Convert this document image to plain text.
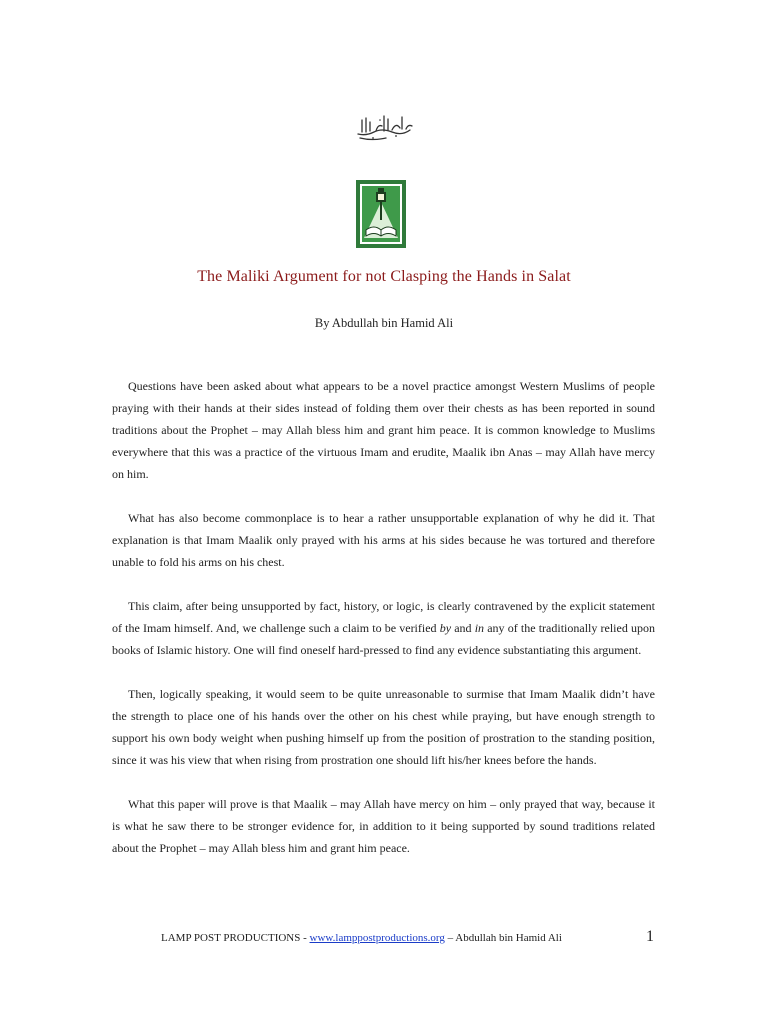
The Maliki Argument for not Clasping the Hands in Salat
By Abdullah bin Hamid Ali

Questions have been asked about what appears to be a novel practice amongst Western Muslims of people praying with their hands at their sides instead of folding them over their chests as has been reported in sound traditions about the Prophet – may Allah bless him and grant him peace. It is common knowledge to Muslims everywhere that this was a practice of the virtuous Imam and erudite, Maalik ibn Anas – may Allah have mercy on him.

What has also become commonplace is to hear a rather unsupportable explanation of why he did it. That explanation is that Imam Maalik only prayed with his arms at his sides because he was tortured and therefore unable to fold his arms on his chest.

This claim, after being unsupported by fact, history, or logic, is clearly contravened by the explicit statement of the Imam himself. And, we challenge such a claim to be verified by and in any of the traditionally relied upon books of Islamic history. One will find oneself hard-pressed to find any evidence substantiating this argument.

Then, logically speaking, it would seem to be quite unreasonable to surmise that Imam Maalik didn’t have the strength to place one of his hands over the other on his chest while praying, but have enough strength to support his own body weight when pushing himself up from the position of prostration to the standing position, since it was his view that when rising from prostration one should lift his/her knees before the hands.

What this paper will prove is that Maalik – may Allah have mercy on him – only prayed that way, because it is what he saw there to be stronger evidence for, in addition to it being supported by sound traditions related about the Prophet – may Allah bless him and grant him peace.

LAMP POST PRODUCTIONS - www.lamppostproductions.org – Abdullah bin Hamid Ali	1
